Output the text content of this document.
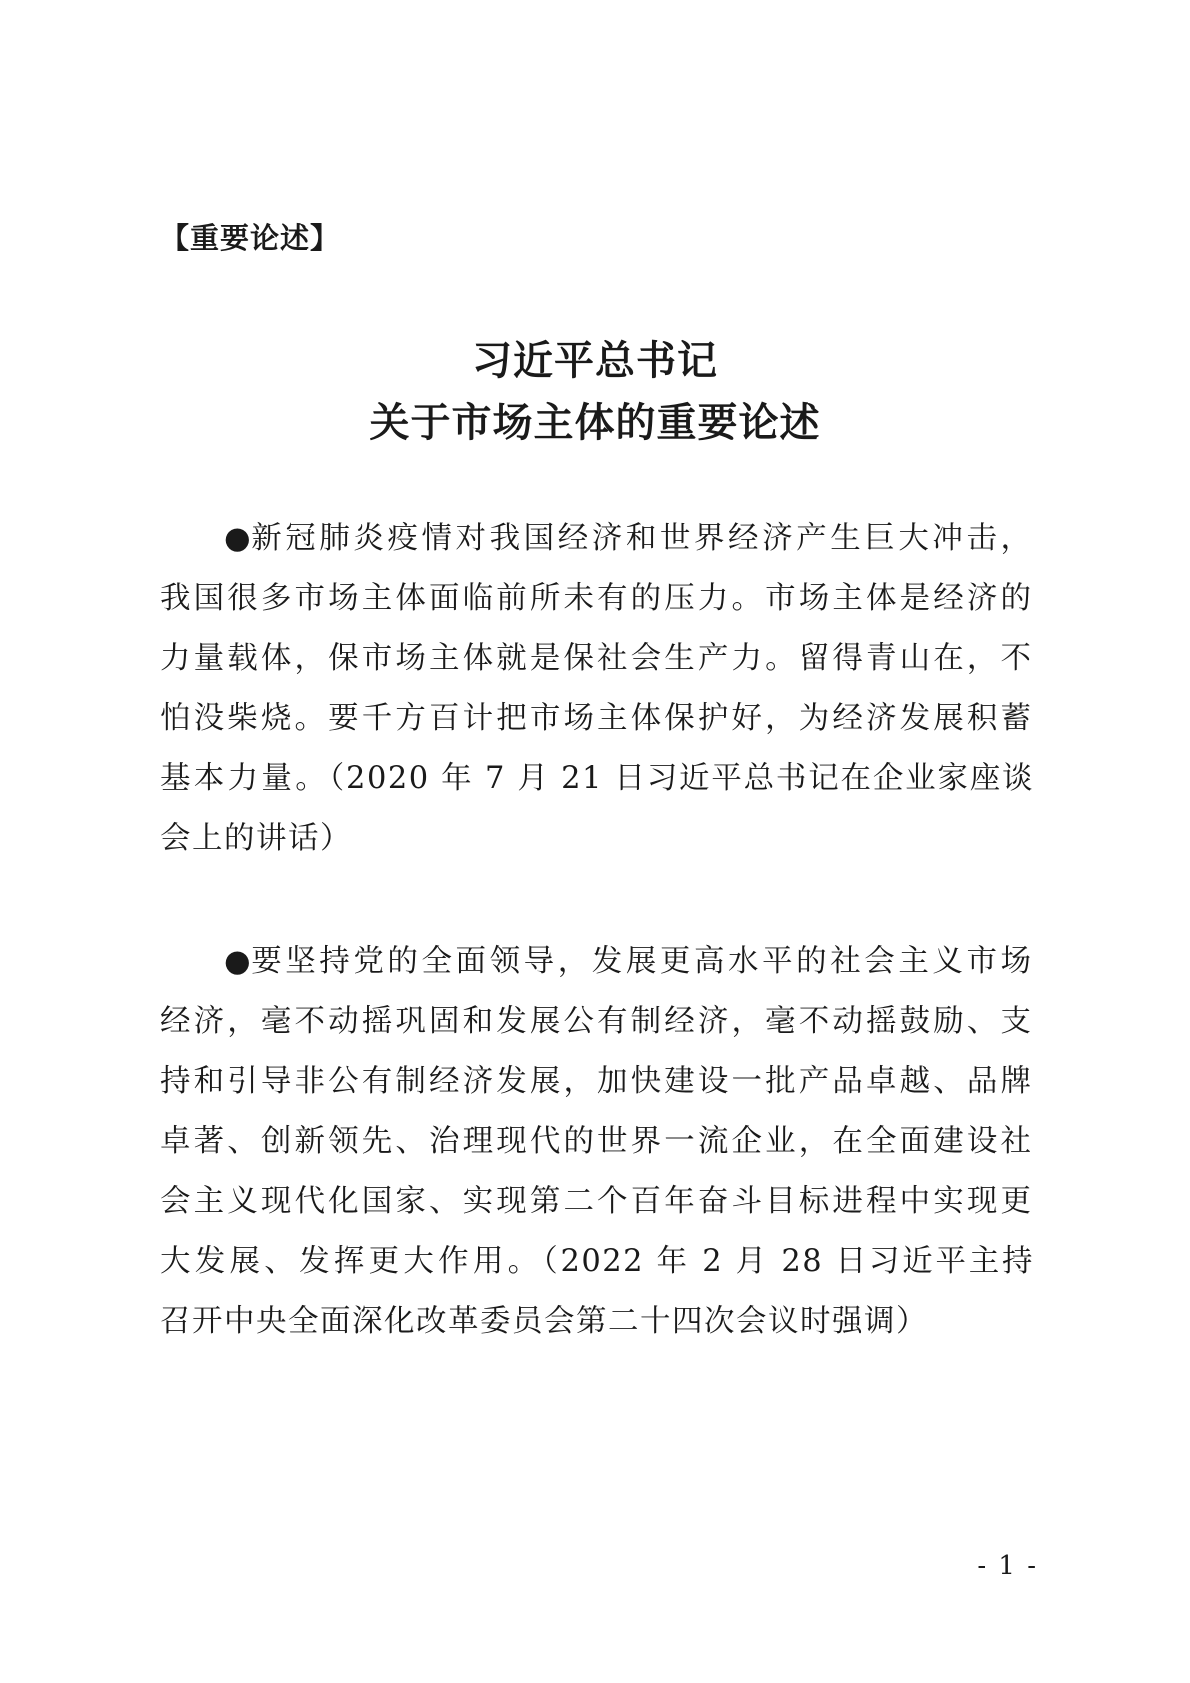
【重要论述】
习近平总书记
关于市场主体的重要论述

●新冠肺炎疫情对我国经济和世界经济产生巨大冲击，我国很多市场主体面临前所未有的压力。市场主体是经济的力量载体，保市场主体就是保社会生产力。留得青山在，不怕没柴烧。要千方百计把市场主体保护好，为经济发展积蓄基本力量。（2020 年 7 月 21 日习近平总书记在企业家座谈会上的讲话）

●要坚持党的全面领导，发展更高水平的社会主义市场经济，毫不动摇巩固和发展公有制经济，毫不动摇鼓励、支持和引导非公有制经济发展，加快建设一批产品卓越、品牌卓著、创新领先、治理现代的世界一流企业，在全面建设社会主义现代化国家、实现第二个百年奋斗目标进程中实现更大发展、发挥更大作用。（2022 年 2 月 28 日习近平主持召开中央全面深化改革委员会第二十四次会议时强调）

- 1 -
